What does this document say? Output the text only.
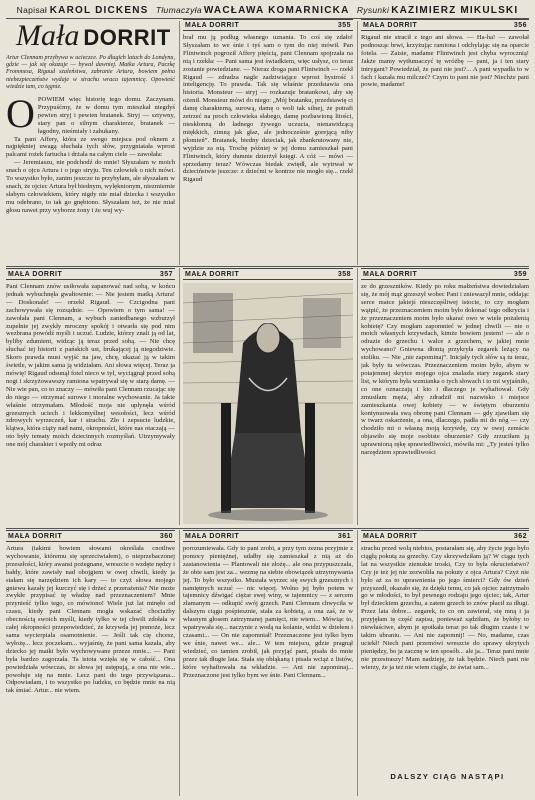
Napisał
KAROL DICKENS
Tłumaczyła WACŁAWA KOMARNICKA
Rysunki KAZIMIERZ MIKULSKI
Mała DORRIT
Artur Clennam przybywa w ucieczce. Po długich latach do Londynu, gdzie — jak się okazuje — bywał dawniej. Matka Artura, Paczkę Frommesa, Rigaud szaleństwa, zabranie Artura, bowiem pełna niebezpieczeństw wydaje w strachu wraca tajemnicę. Opowieść wiedzie tam, co tęgnie.
O POWIEM więc historię tego domu. Zaczynam. Przypuśćmy, że w domu tym mieszkał niegdyś pewien stryj i pewien bratanek. Stryj — sztywny, stary pan o silnym charakterze, bratanek — łagodny, nieśmiały i zahukany.

Ta pani Affery, która ze swego miejsca pod oknem z najpiękniej uwagą słuchała tych słów, przygniatała wprost palcami rożek fartucha i drżała na całym ciele — zawołała:

— Jeremiaszu, nie podchodź do mnie! Słyszałam w moich snach o ojcu Artura i o jego stryju. Ten człowiek o nich mówi. To wszystko było, zanim jeszcze tu przybyłam, ale słyszałam w snach, że ojciec Artura był biednym, wylęknionym, niezmiernie słabym człowiekiem, który nigdy nie miał dziecka i wszystko mu odebrano, to tak go gnębiono. Słyszałam też, że nie miał głosu nawet przy wyborze żony i że wuj wy-

MAŁA DORRIT	355
brał mu ją podług własnego uznania. To coś się zdało! Słyszałam to we śnie i tyś sam o tym do niej mówił. Pan Flintwinch pogroził Affery pięścią, pani Clennam spojrzała na nią i rzekła: — Pani sama jest świadkiem, więc usłysz, co teraz zostanie powiedziane. — Nieraz droga pani Flintwinch — rzekł Rigaud — zdradza nagle zadziwiające wprost bystrość i inteligencję. To prawda. Tak się właśnie przedstawia ona historia. Monsieur — stryj — rozkazuje bratankowi, aby się ożenił. Monsieur mówi do niego: „Mój bratanku, przedstawię ci damę charakterną, surową, damę o woli tak silnej, że potrafi zetrzeć na proch człowieka słabego, damę pozbawioną litości, nieskłonną do ładnego żywego uczucia, nienawidzącą miękkich, zimną jak głaz, ale jednocześnie gorejącą niby płomień”. Bratanek, biedny dzieciak, jak zbankrutowany nie, wyjdzie za nią. Trochę później w jej domu zamieszkał pani Flintwinch, który dumnie dzierżył księgi. A cóż — mówi — sprzedamy teraz? Wówczas biedak zwiędł, ale wytrwał w dzieciństwie jeszcze: z dziećmi w kontrze nie mogło się... rzekł Rigaud
MAŁA DORRIT	356
Rigaud nie stracił z tego ani słowa. — Ha-ha! — zawołał podnosząc brwi, krzyżując ramiona i odchylając się na oparcie fotela. — Zaiste, madame Flintwinch jest chyba wyrocznią! Jakże mamy wytłumaczyć tę wróżbę — pani, ja i ten stary intrygant? Powiedział, że pani nie jest?... A pani wypadła to w fach i kazała mu milczeć? Czym to pani nie jest? Niechże pani powie, madame!
MAŁA DORRIT	357
Pani Clennam znów usiłowała zapanować nad sobą, w końcu jednak wybuchnęła gwałtownie: — Nie jestem matką Artura! — Doskonale! — orzekł Rigaud. — Czcigodna pani zachowywała się rozsądnie. — Opowiem o tym sama! — zawołała pani Clennam, a wybuch zaniedbanego wzburzył zupełnie jej zwykły mroczny spokój i otwarła się pod nim wezbrana powódź myśli i uczuć. Ludzie, którzy znali ją od lat, byliby zdumieni, widząc ją teraz przed sobą. — Nie chcę słuchać tej historii z pańskich ust, brukającej ją niegodziwie. Skoro prawda musi wyjść na jaw, chcę, ukazać ją w takim świetle, w jakim sama ją widziałam. Ani słowa więcej. Teraz ja mówię! Rigaud odsunął fotel nieco w tył, wyciągnął przed sobą nogi i skrzyżowawszy ramiona wpatrywał się w starą damę. — Nie wie pan, co to znaczy — mówiła pani Clennam rzucając się do niego — otrzymać surowe i moralne wychowanie. Ja takie właśnie otrzymałam. Młodość moja nie upłynęła wśród grzesznych uciech i lekkomyślnej wesołości, lecz wśród zdrowych wyrzeczeń, kar i strachu. Zło i zepsucie ludzkie, klątwa, która ciąży nad nami, okropności, które nas otaczają — oto były tematy moich dziecinnych rozmyślań. Utrzymywały one mój charakter i wpoiły mi odraz
MAŁA DORRIT	358 MAŁA DORRIT	359
ze do grzeszników. Kiedy po roku małżeństwa dowiedziałam się, że mój mąż grzeszył wobec Pani i zniewazył mnie, oddając serce matce jakiejś nieszczęśliwej istocie, to czy mogłam wątpić, że przeznaczeniem moim było dokonać tego odkrycia i że przeznaczeniem moim było ukarać owo w wiele pożalenią kobietę? Czy mogłam zapomnieć w jednej chwili — nie o moich własnych krzywdach, kimże bowiem jestem! — ale o odrazie do grzechu i walce z grzechem, w jakiej mnie wychowano? Gniewna dłonią przykryła zegarek leżący na stoliku. — Nie „nie zapominaj”. Inicjały tych słów są tu teraz, jak były tu wówczas. Przeznaczeniem moim było, abym w potajemnej skrytce mojego ojca znalazła stary zegarek stary list, w którym była wzmianka o tych słowach i to mi wyjaśniło, co one oznaczają i kto i dlaczego je wyhaftował. Gdy zmusiłam męża, aby zdradził mi nazwisko i miejsce zamieszkania owej kobiety — w świętym oburzeniu kontynuowała swą obronę pani Clennam — gdy zjawiłam się w twarz oskarżenie, a ona, dlaczego, padła mi do nóg — czy chodziło mi o własną moją krzywdę, czy w owej zemście objawiło się moje osobiste oburzenie? Gdy zrzuciłam ją uprawnioną rękę sprawiedliwości, mówiła mi: „Ty jesteś tylko narzędziem sprawiedliwości
MAŁA DORRIT	360
Artura (takimi bowiem słowami określała cnotliwe wychowanie, któremu się sprzeciwiałem), o nieprzebaczonej przeszłości, który awansi pożegnane, wreszcie o wzdęte nędzy i bałdy, które zawisły nad obojgiem w owej chwili, kiedy ja stałam się narzędziem ich kary — to czyż słowa mojego gniewu kazały jej kurczyć się i drżeć z przerażenia? Nie może zwykłe przypisać tę władzę nad przeznaczeniem? Mnie przynieść tylko tego, co mówiono! Wiele już lat minęło od czasu, kiedy pani Clennam mogła wskazać chociażby obecnością swoich myśli, kiedy tylko w tej chwili zdołała w całej okropności przepowiedzieć, że krzywda jej pomoże, lecz sama wycierpiała osamotnienie. — Jeśli tak cię chcesz, wyłożę... lecz poczekam... wyjaśnię, że pani sama kazała, aby dziecko jej matki było wychowywane przeze mnie... — Pani była bardzo zagorzała. Ta istota wzięła się w całość... Ona powiedziała wówczas, że słowa jej ustępują, a ona nie wie... powołuje się na mnie. Lecz pani do tego przywiązana... Odpowiadam, i to wszystko po ludzku, co będzie mnie na nią tak śmiać. Artur... nie wiem.
MAŁA DORRIT	361
porozumiewała. Gdy to pani zrobi, a przy tym zezna przyjmie z pomocy pieniężnej, udałby się zamieszkał z nią aż do zastanowienia — Plantowali nie złożę... ale ona przypuszczała, że obie sam jest za... wezmę na siebie obowiązek utrzymywania jej. To było wszystko. Musiała wyrzec się swych grzesznych i namiętnych uczuć — nic więcej. Wolno jej było potem w tajemnicy dźwigać ciężar swej winy, w tajemnicy — z sercem złamanym — odkupić swój grzech. Pani Clennam chwyciła w dalszym ciągu pośpiesznie, stała za kobietą, a ona zaś, że w własnym głosem zatrzymanej pamięci, nie wiem... Mówiąc to, wpatrywała się... naczynie z wodą na kolanie, widzi w dziełem i czasami... — On nie zapomniał! Przeznaczone jest tylko bym we śnie, nawet we... ale... W tem miejscu, gdzie pragnął wiedzieć, co tamten zrobił, jak przyjąć pani, pisała do mnie przez tak długie lata. Stała się obłąkaną i pisała wciąż z listów, które wyhaftowała na wkładzie. — Ani nie zapominaj... Przeznaczone jest tylko bym we śnie. Pani Clennam...
MAŁA DORRIT	362
strachu przed wolą niebios, postarałam się, aby życie jego było ciągłą pokutą za grzechy. Czy skrzywdziłam ją? W ciągu tych lat na wszystkie ziemskie troski, Czy to była okrucieństwo? Czy je też jej nie zezwoliła na pokuty z ojca Artura? Czyż nie było aż za to uprawnienia po jego śmierci? Gdy ów dzień przyszedł, okazało się, że dzięki temu, co jak ojciec zatrzymało go w młodości, to był pewnego rodzaju jego ojciec; tak, Artur był dzieckiem grzechu, a zatem grzech to znów płacił za długi. Przez lata dobre... zegarek, to co on zawierał, się mną i ja przyjęłam tę część zapisu, ponieważ sądziłam, że byłoby to niewłaściwe, abym je spotkała teraz po tak długim czasie i w takim ubraniu. — Ani nie zapomnij! — No, madame, czas uciekł! Niech pani przemówi wreszcie do sprawy ukrytych pieniędzy, bo ja zacznę w ten sposób... ale ja... Teraz pani mnie nie przestraszy! Mam nadzieję, że tak będzie. Niech pani nie wierzy, że ja też nie wiem ciągle, że świat sam...
DALSZY CIĄG NASTĄPI
